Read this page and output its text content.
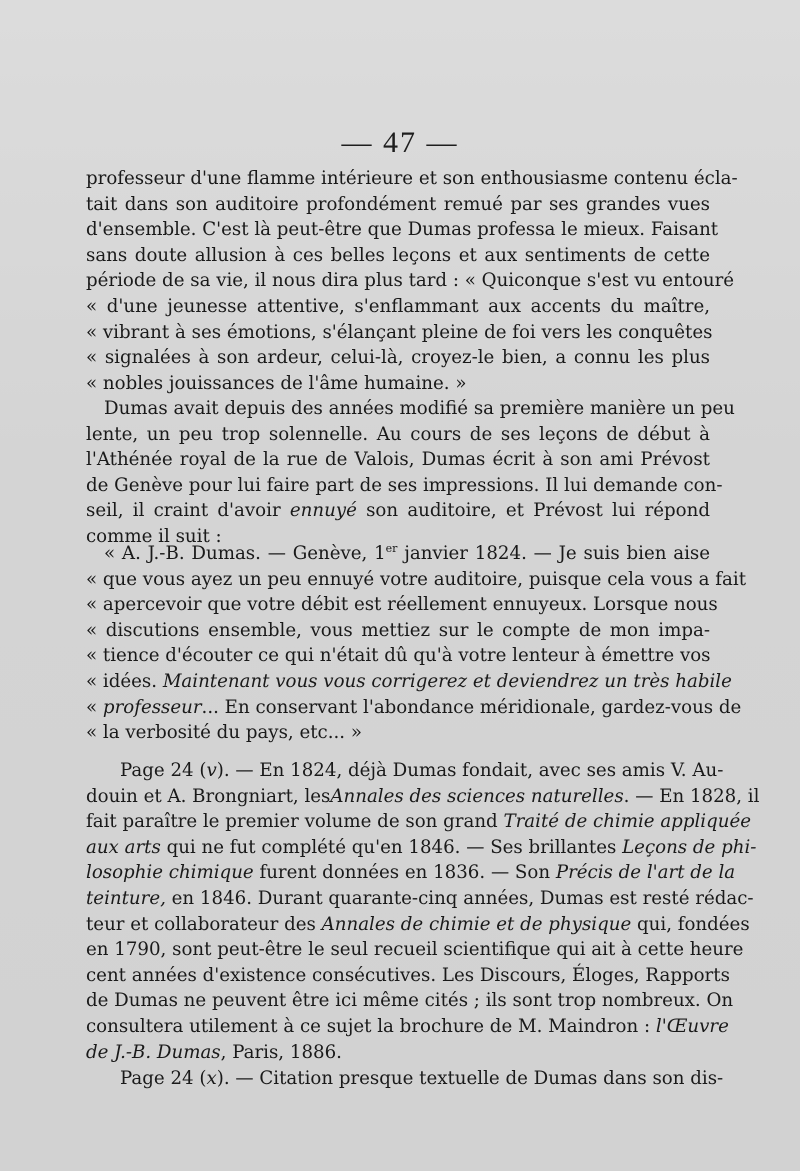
— 47 —
professeur d'une flamme intérieure et son enthousiasme contenu écla-
tait dans son auditoire profondément remué par ses grandes vues
d'ensemble. C'est là peut-être que Dumas professa le mieux. Faisant
sans doute allusion à ces belles leçons et aux sentiments de cette
période de sa vie, il nous dira plus tard : « Quiconque s'est vu entouré
« d'une jeunesse attentive, s'enflammant aux accents du maître,
« vibrant à ses émotions, s'élançant pleine de foi vers les conquêtes
« signalées à son ardeur, celui-là, croyez-le bien, a connu les plus
« nobles jouissances de l'âme humaine. »
Dumas avait depuis des années modifié sa première manière un peu
lente, un peu trop solennelle. Au cours de ses leçons de début à
l'Athénée royal de la rue de Valois, Dumas écrit à son ami Prévost
de Genève pour lui faire part de ses impressions. Il lui demande con-
seil, il craint d'avoir ennuyé son auditoire, et Prévost lui répond
comme il suit :
« A. J.-B. Dumas. — Genève, 1er janvier 1824. — Je suis bien aise
« que vous ayez un peu ennuyé votre auditoire, puisque cela vous a fait
« apercevoir que votre débit est réellement ennuyeux. Lorsque nous
« discutions ensemble, vous mettiez sur le compte de mon impa-
« tience d'écouter ce qui n'était dû qu'à votre lenteur à émettre vos
« idées. Maintenant vous vous corrigerez et deviendrez un très habile
« professeur... En conservant l'abondance méridionale, gardez-vous de
« la verbosité du pays, etc... »
Page 24 (v). — En 1824, déjà Dumas fondait, avec ses amis V. Au-
douin et A. Brongniart, lesAnnales des sciences naturelles. — En 1828, il
fait paraître le premier volume de son grand Traité de chimie appliquée
aux arts qui ne fut complété qu'en 1846. — Ses brillantes Leçons de phi-
losophie chimique furent données en 1836. — Son Précis de l'art de la
teinture, en 1846. Durant quarante-cinq années, Dumas est resté rédac-
teur et collaborateur des Annales de chimie et de physique qui, fondées
en 1790, sont peut-être le seul recueil scientifique qui ait à cette heure
cent années d'existence consécutives. Les Discours, Éloges, Rapports
de Dumas ne peuvent être ici même cités ; ils sont trop nombreux. On
consultera utilement à ce sujet la brochure de M. Maindron : l'Œuvre
de J.-B. Dumas, Paris, 1886.
Page 24 (x). — Citation presque textuelle de Dumas dans son dis-
